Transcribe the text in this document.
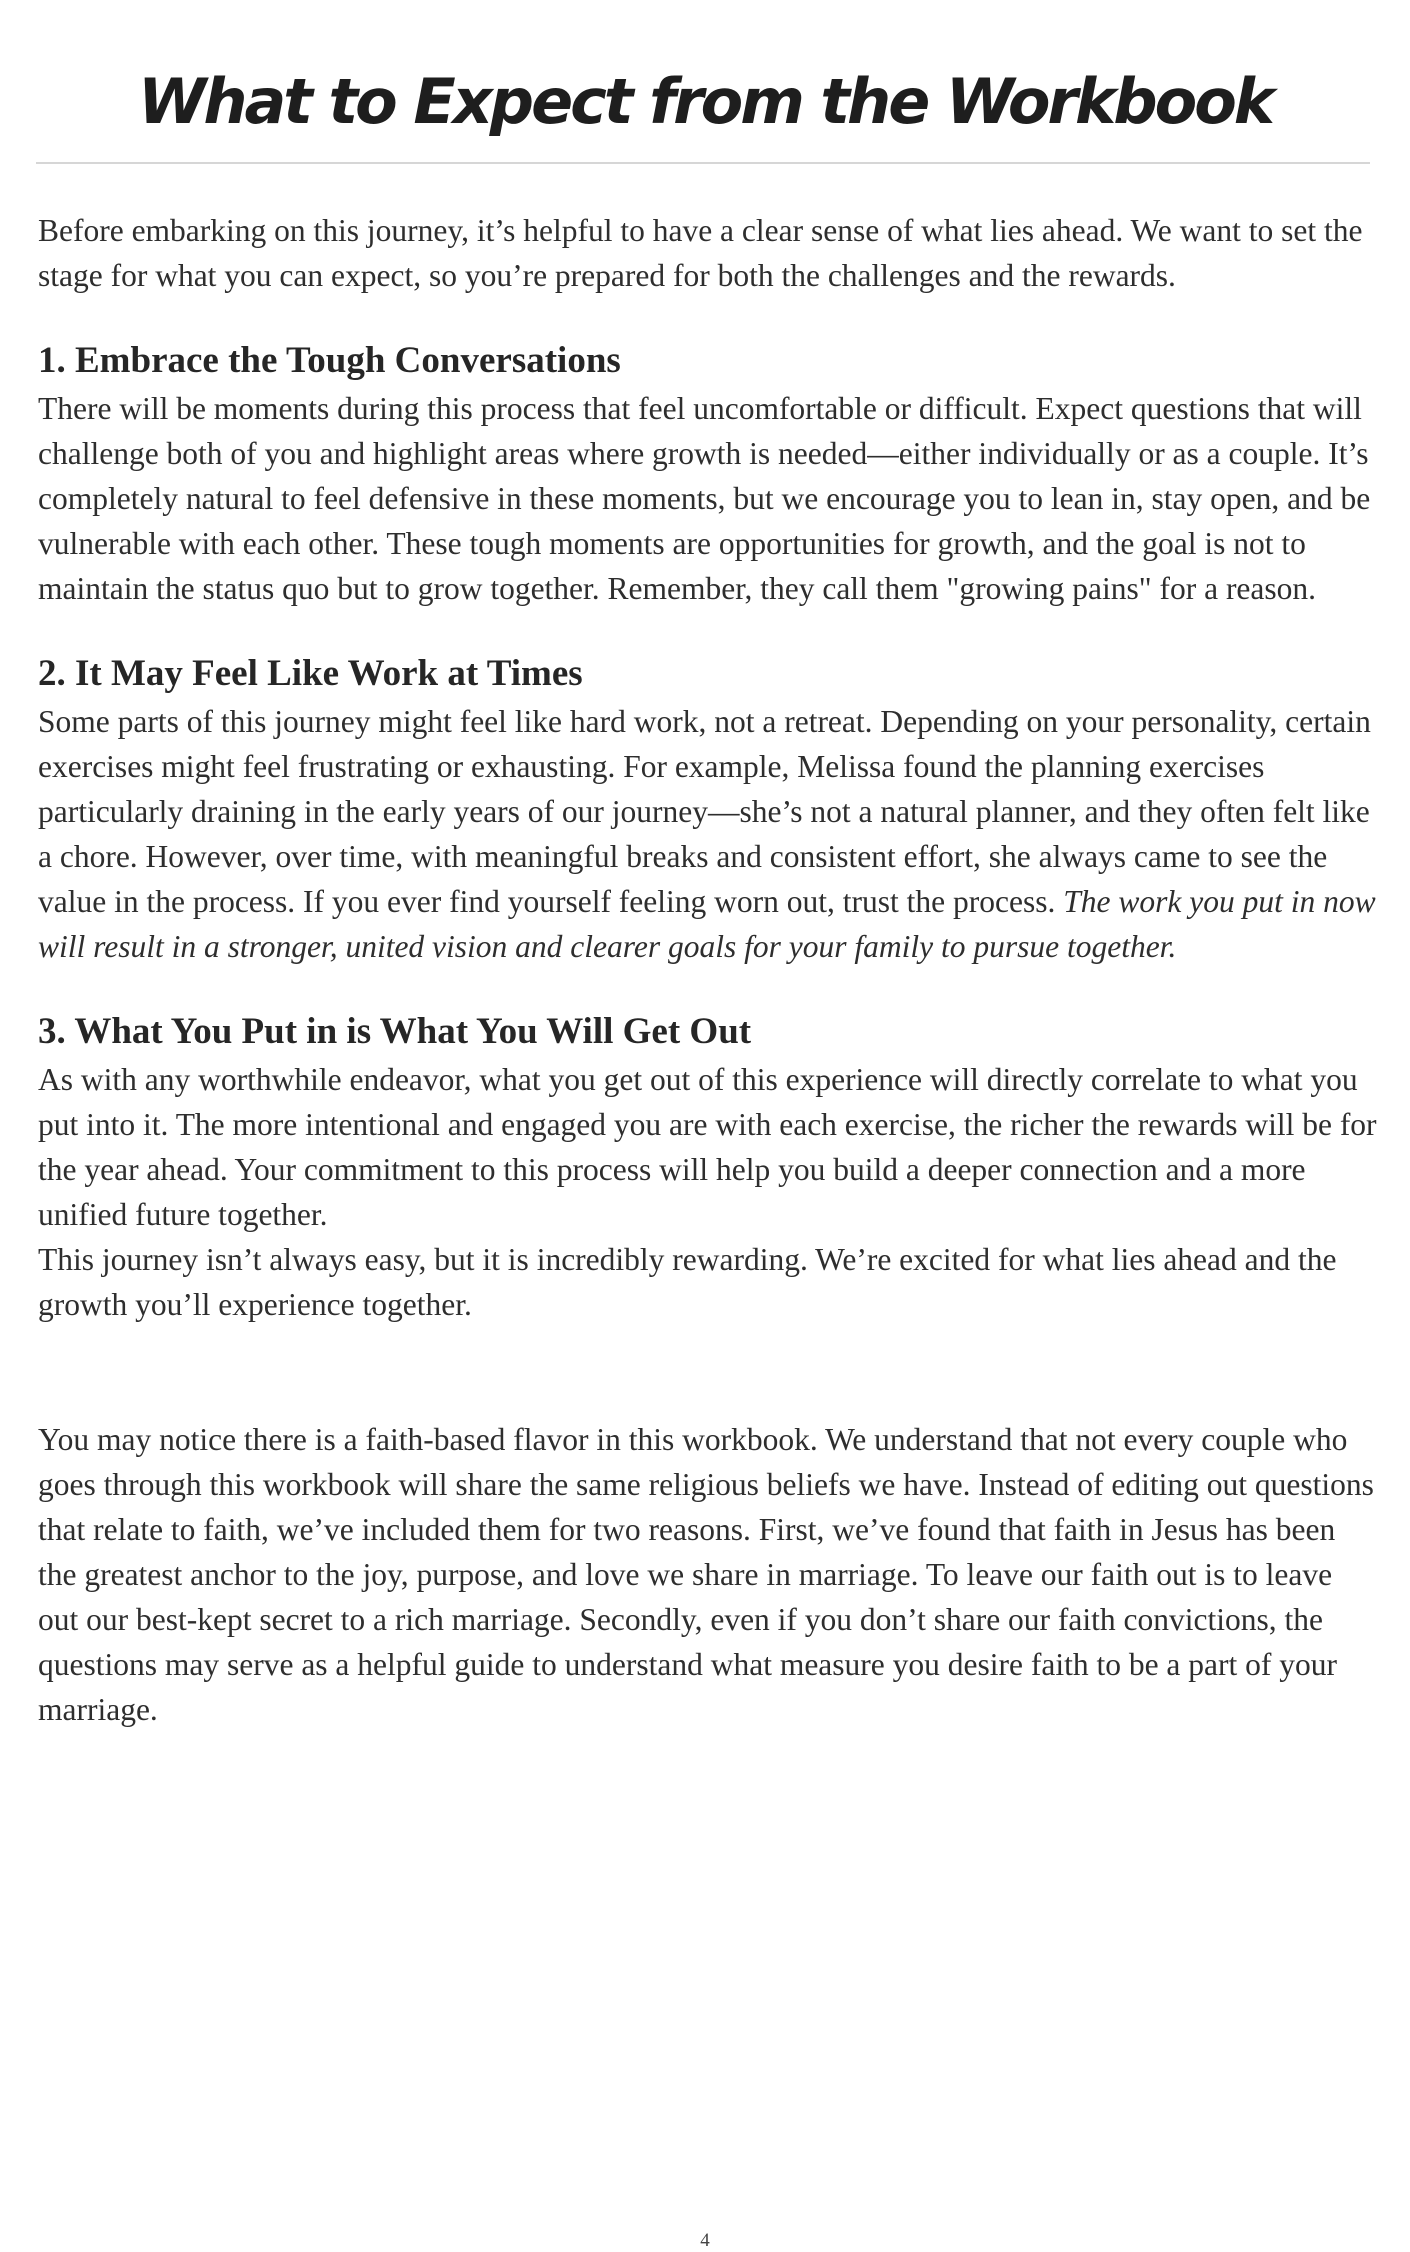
What to Expect from the Workbook

Before embarking on this journey, it’s helpful to have a clear sense of what lies ahead. We want to set the stage for what you can expect, so you’re prepared for both the challenges and the rewards.

1. Embrace the Tough Conversations

There will be moments during this process that feel uncomfortable or difficult. Expect questions that will challenge both of you and highlight areas where growth is needed—either individually or as a couple. It’s completely natural to feel defensive in these moments, but we encourage you to lean in, stay open, and be vulnerable with each other. These tough moments are opportunities for growth, and the goal is not to maintain the status quo but to grow together. Remember, they call them "growing pains" for a reason.

2. It May Feel Like Work at Times

Some parts of this journey might feel like hard work, not a retreat. Depending on your personality, certain exercises might feel frustrating or exhausting. For example, Melissa found the planning exercises particularly draining in the early years of our journey—she’s not a natural planner, and they often felt like a chore. However, over time, with meaningful breaks and consistent effort, she always came to see the value in the process. If you ever find yourself feeling worn out, trust the process. The work you put in now will result in a stronger, united vision and clearer goals for your family to pursue together.

3. What You Put in is What You Will Get Out

As with any worthwhile endeavor, what you get out of this experience will directly correlate to what you put into it. The more intentional and engaged you are with each exercise, the richer the rewards will be for the year ahead. Your commitment to this process will help you build a deeper connection and a more unified future together.

This journey isn’t always easy, but it is incredibly rewarding. We’re excited for what lies ahead and the growth you’ll experience together.

You may notice there is a faith-based flavor in this workbook. We understand that not every couple who goes through this workbook will share the same religious beliefs we have. Instead of editing out questions that relate to faith, we’ve included them for two reasons. First, we’ve found that faith in Jesus has been the greatest anchor to the joy, purpose, and love we share in marriage. To leave our faith out is to leave out our best-kept secret to a rich marriage. Secondly, even if you don’t share our faith convictions, the questions may serve as a helpful guide to understand what measure you desire faith to be a part of your marriage.

4
